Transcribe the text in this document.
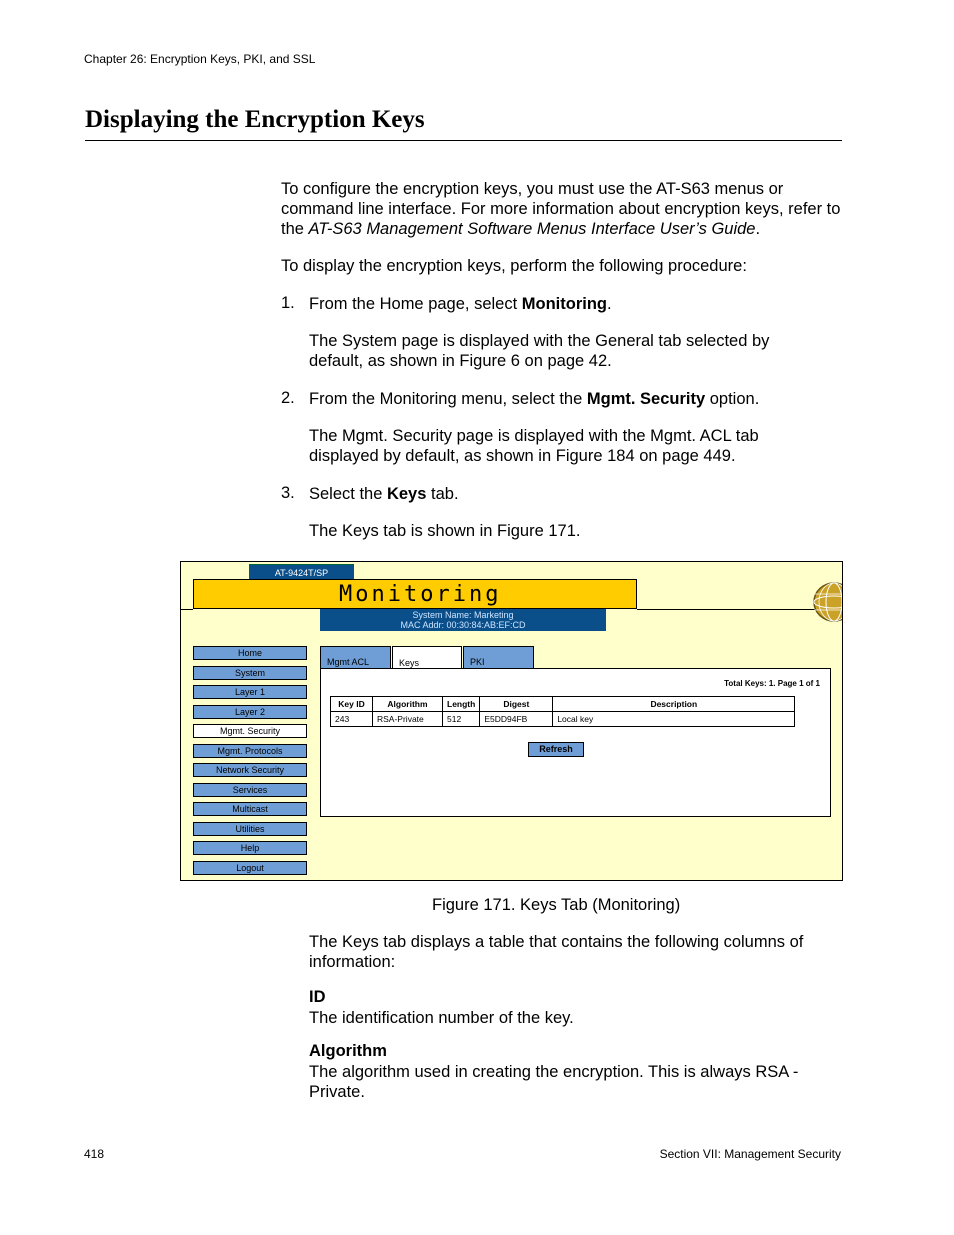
Chapter 26: Encryption Keys, PKI, and SSL
Displaying the Encryption Keys
To configure the encryption keys, you must use the AT-S63 menus or command line interface. For more information about encryption keys, refer to the AT-S63 Management Software Menus Interface User’s Guide.
To display the encryption keys, perform the following procedure:
1. From the Home page, select Monitoring.
The System page is displayed with the General tab selected by default, as shown in Figure 6 on page 42.
2. From the Monitoring menu, select the Mgmt. Security option.
The Mgmt. Security page is displayed with the Mgmt. ACL tab displayed by default, as shown in Figure 184 on page 449.
3. Select the Keys tab.
The Keys tab is shown in Figure 171.
AT-9424T/SP
Monitoring
System Name: Marketing
MAC Addr: 00:30:84:AB:EF:CD
Home
System
Layer 1
Layer 2
Mgmt. Security
Mgmt. Protocols
Network Security
Services
Multicast
Utilities
Help
Logout
Mgmt ACL	Keys	PKI
Total Keys: 1. Page 1 of 1
Key ID	Algorithm	Length	Digest	Description
243	RSA-Private	512	E5DD94FB	Local key
Refresh
Figure 171. Keys Tab (Monitoring)
The Keys tab displays a table that contains the following columns of information:
ID
The identification number of the key.
Algorithm
The algorithm used in creating the encryption. This is always RSA - Private.
418	Section VII: Management Security
